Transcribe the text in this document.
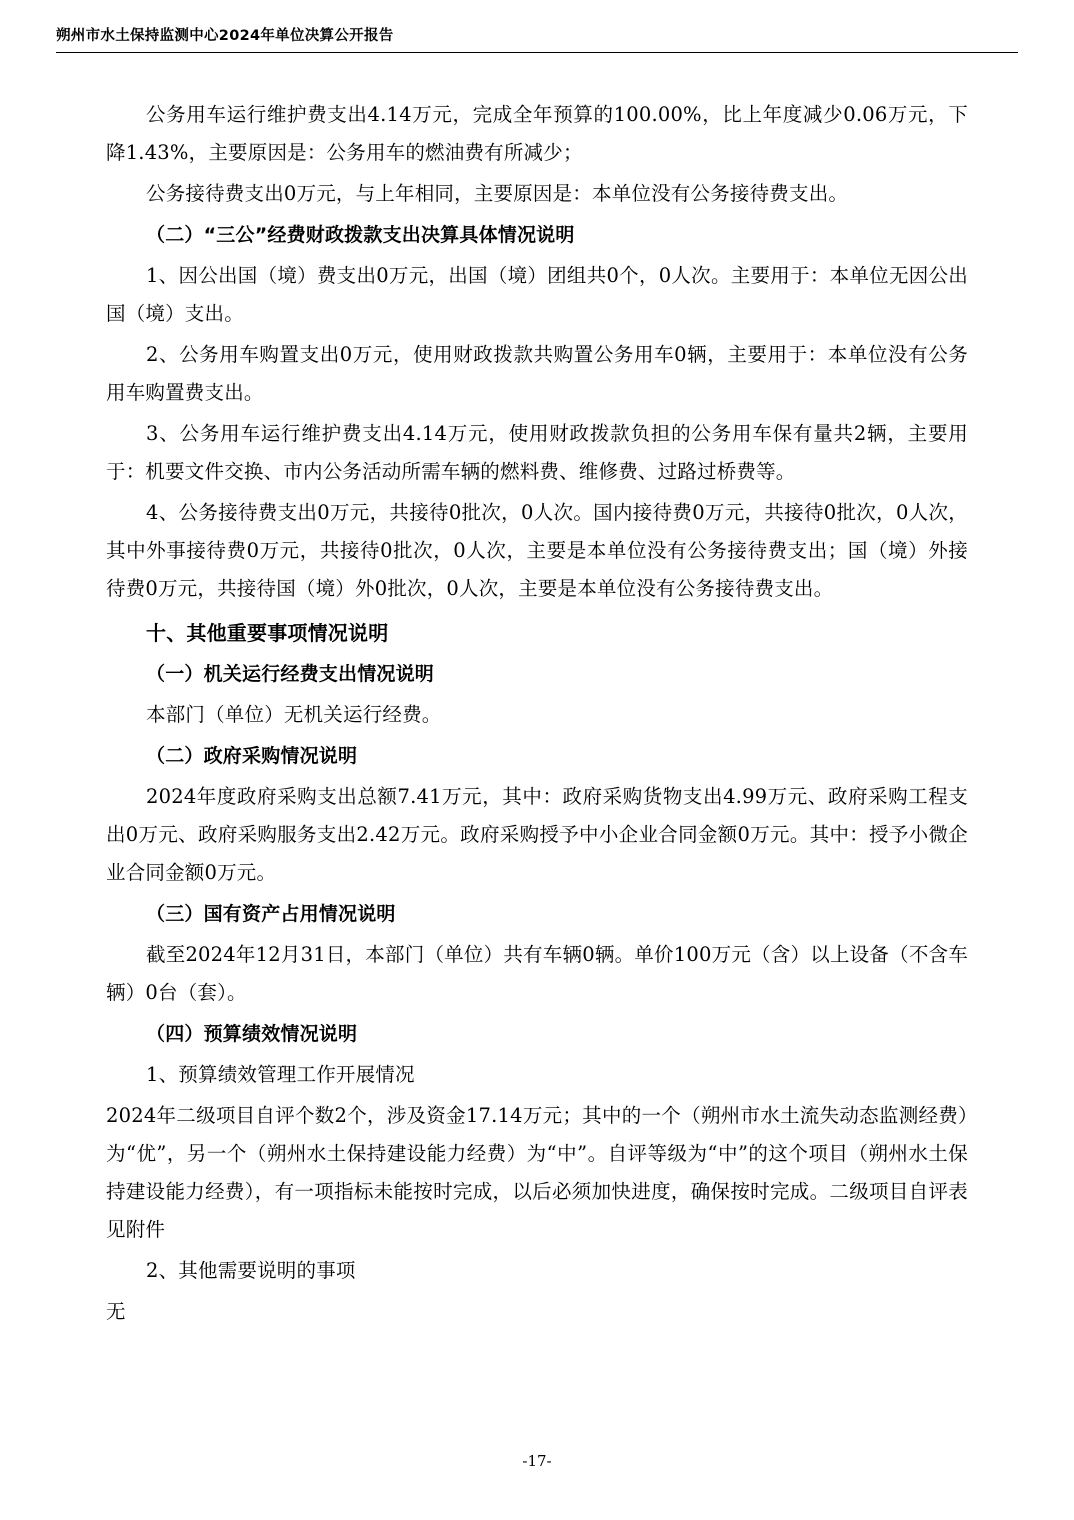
朔州市水土保持监测中心2024年单位决算公开报告

公务用车运行维护费支出4.14万元，完成全年预算的100.00%，比上年度减少0.06万元，下降1.43%，主要原因是：公务用车的燃油费有所减少；

公务接待费支出0万元，与上年相同，主要原因是：本单位没有公务接待费支出。

（二）“三公”经费财政拨款支出决算具体情况说明

1、因公出国（境）费支出0万元，出国（境）团组共0个，0人次。主要用于：本单位无因公出国（境）支出。

2、公务用车购置支出0万元，使用财政拨款共购置公务用车0辆，主要用于：本单位没有公务用车购置费支出。

3、公务用车运行维护费支出4.14万元，使用财政拨款负担的公务用车保有量共2辆，主要用于：机要文件交换、市内公务活动所需车辆的燃料费、维修费、过路过桥费等。

4、公务接待费支出0万元，共接待0批次，0人次。国内接待费0万元，共接待0批次，0人次，其中外事接待费0万元，共接待0批次，0人次，主要是本单位没有公务接待费支出；国（境）外接待费0万元，共接待国（境）外0批次，0人次，主要是本单位没有公务接待费支出。

十、其他重要事项情况说明

（一）机关运行经费支出情况说明

本部门（单位）无机关运行经费。

（二）政府采购情况说明

2024年度政府采购支出总额7.41万元，其中：政府采购货物支出4.99万元、政府采购工程支出0万元、政府采购服务支出2.42万元。政府采购授予中小企业合同金额0万元。其中：授予小微企业合同金额0万元。

（三）国有资产占用情况说明

截至2024年12月31日，本部门（单位）共有车辆0辆。单价100万元（含）以上设备（不含车辆）0台（套）。

（四）预算绩效情况说明

1、预算绩效管理工作开展情况

2024年二级项目自评个数2个，涉及资金17.14万元；其中的一个（朔州市水土流失动态监测经费）为“优”，另一个（朔州水土保持建设能力经费）为“中”。自评等级为“中”的这个项目（朔州水土保持建设能力经费），有一项指标未能按时完成，以后必须加快进度，确保按时完成。二级项目自评表见附件

2、其他需要说明的事项

无

-17-
